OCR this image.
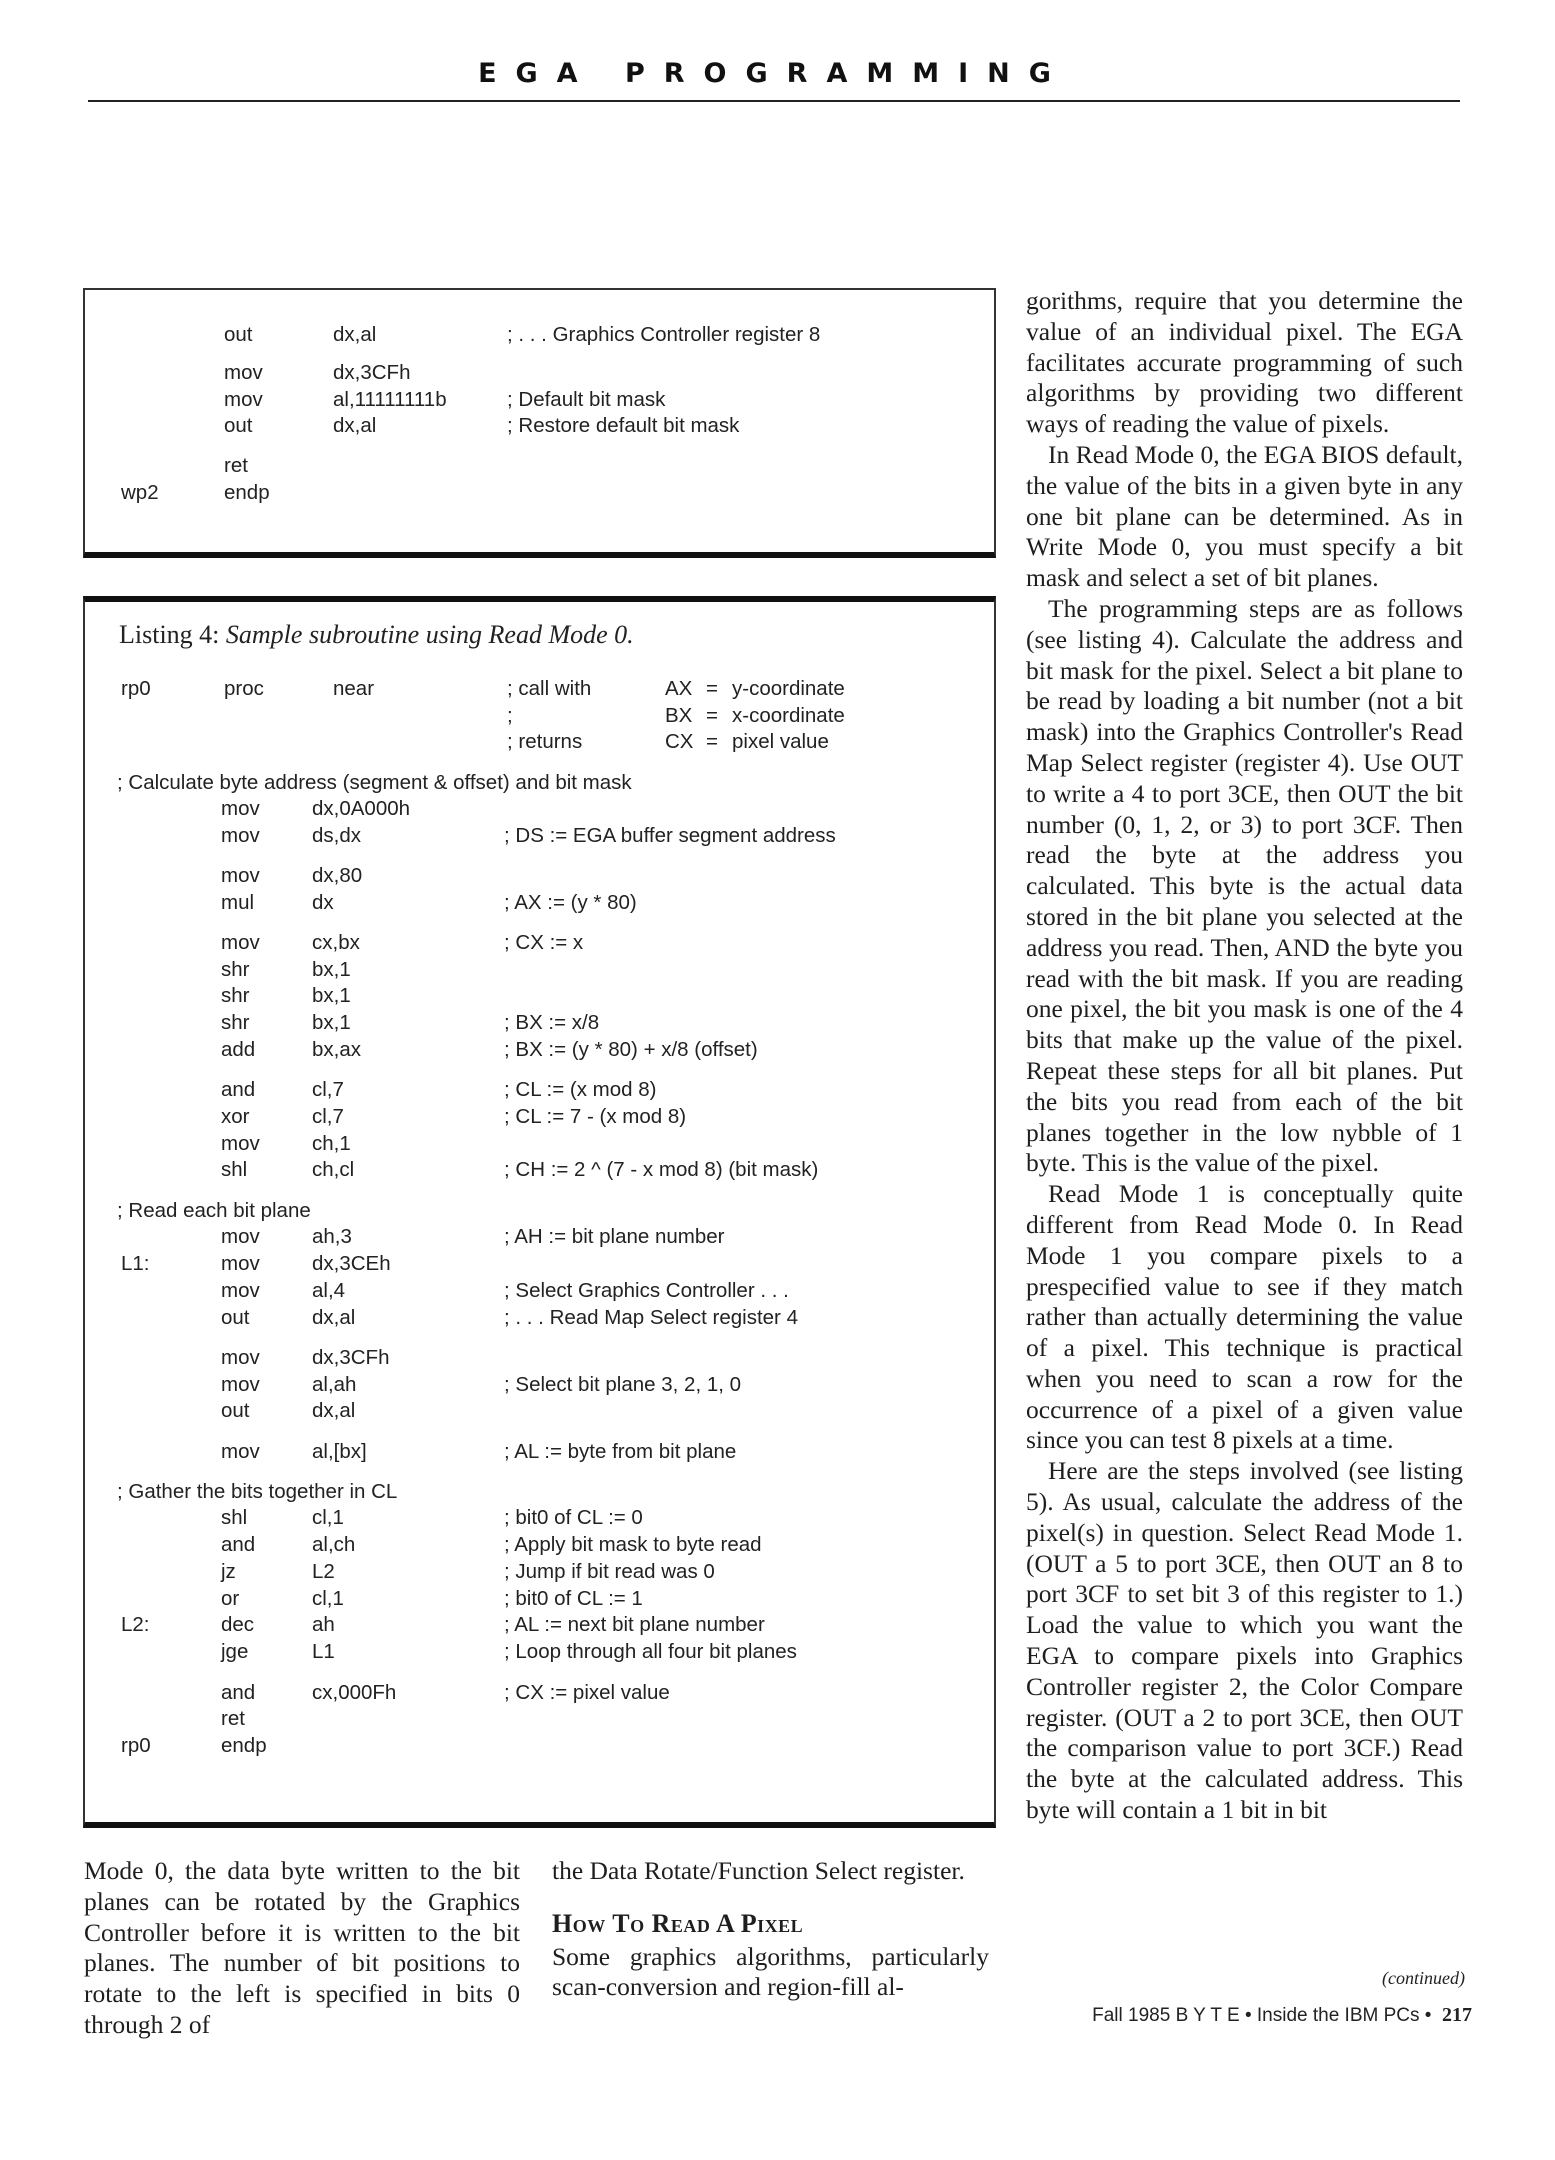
EGA PROGRAMMING
Listing 4: Sample subroutine using Read Mode 0.

Mode 0, the data byte written to the bit planes can be rotated by the Graphics Controller before it is written to the bit planes. The number of bit positions to rotate to the left is specified in bits 0 through 2 of

the Data Rotate/Function Select register.

How To Read A Pixel

Some graphics algorithms, particularly scan-conversion and region-fill al-

gorithms, require that you determine the value of an individual pixel. The EGA facilitates accurate programming of such algorithms by providing two different ways of reading the value of pixels.

In Read Mode 0, the EGA BIOS default, the value of the bits in a given byte in any one bit plane can be determined. As in Write Mode 0, you must specify a bit mask and select a set of bit planes.

The programming steps are as follows (see listing 4). Calculate the address and bit mask for the pixel. Select a bit plane to be read by loading a bit number (not a bit mask) into the Graphics Controller's Read Map Select register (register 4). Use OUT to write a 4 to port 3CE, then OUT the bit number (0, 1, 2, or 3) to port 3CF. Then read the byte at the address you calculated. This byte is the actual data stored in the bit plane you selected at the address you read. Then, AND the byte you read with the bit mask. If you are reading one pixel, the bit you mask is one of the 4 bits that make up the value of the pixel. Repeat these steps for all bit planes. Put the bits you read from each of the bit planes together in the low nybble of 1 byte. This is the value of the pixel.

Read Mode 1 is conceptually quite different from Read Mode 0. In Read Mode 1 you compare pixels to a prespecified value to see if they match rather than actually determining the value of a pixel. This technique is practical when you need to scan a row for the occurrence of a pixel of a given value since you can test 8 pixels at a time.

Here are the steps involved (see listing 5). As usual, calculate the address of the pixel(s) in question. Select Read Mode 1. (OUT a 5 to port 3CE, then OUT an 8 to port 3CF to set bit 3 of this register to 1.) Load the value to which you want the EGA to compare pixels into Graphics Controller register 2, the Color Compare register. (OUT a 2 to port 3CE, then OUT the comparison value to port 3CF.) Read the byte at the calculated address. This byte will contain a 1 bit in bit

(continued)
Fall 1985 B Y T E • Inside the IBM PCs • 217
out	dx,al	; . . . Graphics Controller register 8
mov	dx,3CFh
mov	al,11111111b	; Default bit mask
out	dx,al	; Restore default bit mask
ret
wp2	endp
rp0	proc	near	; call with	AX = y-coordinate
;	BX = x-coordinate
; returns	CX = pixel value
; Calculate byte address (segment & offset) and bit mask
mov	dx,0A000h
mov	ds,dx	; DS := EGA buffer segment address
mov	dx,80
mul	dx	; AX := (y * 80)
mov	cx,bx	; CX := x
shr	bx,1
shr	bx,1
shr	bx,1	; BX := x/8
add	bx,ax	; BX := (y * 80) + x/8 (offset)
and	cl,7	; CL := (x mod 8)
xor	cl,7	; CL := 7 - (x mod 8)
mov	ch,1
shl	ch,cl	; CH := 2 ^ (7 - x mod 8) (bit mask)
; Read each bit plane
mov	ah,3	; AH := bit plane number
L1:	mov	dx,3CEh
mov	al,4	; Select Graphics Controller . . .
out	dx,al	; . . . Read Map Select register 4
mov	dx,3CFh
mov	al,ah	; Select bit plane 3, 2, 1, 0
out	dx,al
mov	al,[bx]	; AL := byte from bit plane
; Gather the bits together in CL
shl	cl,1	; bit0 of CL := 0
and	al,ch	; Apply bit mask to byte read
jz	L2	; Jump if bit read was 0
or	cl,1	; bit0 of CL := 1
L2:	dec	ah	; AL := next bit plane number
jge	L1	; Loop through all four bit planes
and	cx,000Fh	; CX := pixel value
ret
rp0	endp
